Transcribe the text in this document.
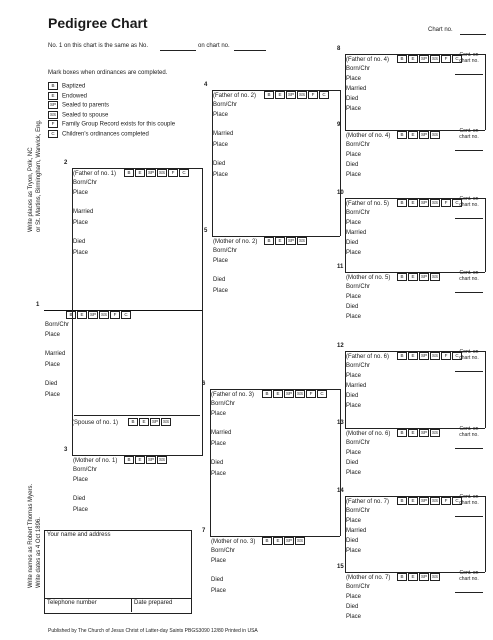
Pedigree Chart	Chart no.
No. 1 on this chart is the same as No.	on chart no.
Mark boxes when ordinances are completed.
B Baptized
E Endowed
SP Sealed to parents
SS Sealed to spouse
F Family Group Record exists for this couple
C Children's ordinances completed
Write places as Tryon, Polk, NC or St. Martins, Birmingham, Warwick, Eng.
Write names as Robert Thomas Myers. Write dates as 4 Oct 1896.
1
B E SP SS F C
Born/Chr
Place
Married
Place
Died
Place
2
(Father of no. 1)	B E SP SS F C
Born/Chr
Place
Married
Place
Died
Place
3
(Mother of no. 1)	B E SP SS
Born/Chr
Place
Died
Place
4
(Father of no. 2)	B E SP SS F C
Born/Chr
Place
Married
Place
Died
Place
5
(Mother of no. 2)	B E SP SS
Born/Chr
Place
Died
Place
6
(Father of no. 3)	B E SP SS F C
Born/Chr
Place
Married
Place
Died
Place
7
(Mother of no. 3)	B E SP SS
Born/Chr
Place
Died
Place
8
(Father of no. 4)	B E SP SS F C
Born/Chr
Place
Married
Died
Place
Cont. on
chart no.
9
(Mother of no. 4)	B E SP SS
Born/Chr
Place
Died
Place
Cont. on
chart no.
10
(Father of no. 5)	B E SP SS F C
Born/Chr
Place
Married
Died
Place
Cont. on
chart no.
11
(Mother of no. 5)	B E SP SS
Born/Chr
Place
Died
Place
Cont. on
chart no.
12
(Father of no. 6)	B E SP SS F C
Born/Chr
Place
Married
Died
Place
Cont. on
chart no.
13
(Mother of no. 6)	B E SP SS
Born/Chr
Place
Died
Place
Cont. on
chart no.
14
(Father of no. 7)	B E SP SS F C
Born/Chr
Place
Married
Died
Place
Cont. on
chart no.
15
(Mother of no. 7)	B E SP SS
Born/Chr
Place
Died
Place
Cont. on
chart no.
(Spouse of no. 1)	B E SP SS
Your name and address
Telephone number	Date prepared
Published by The Church of Jesus Christ of Latter-day Saints PBGS3090 12/80 Printed in USA
